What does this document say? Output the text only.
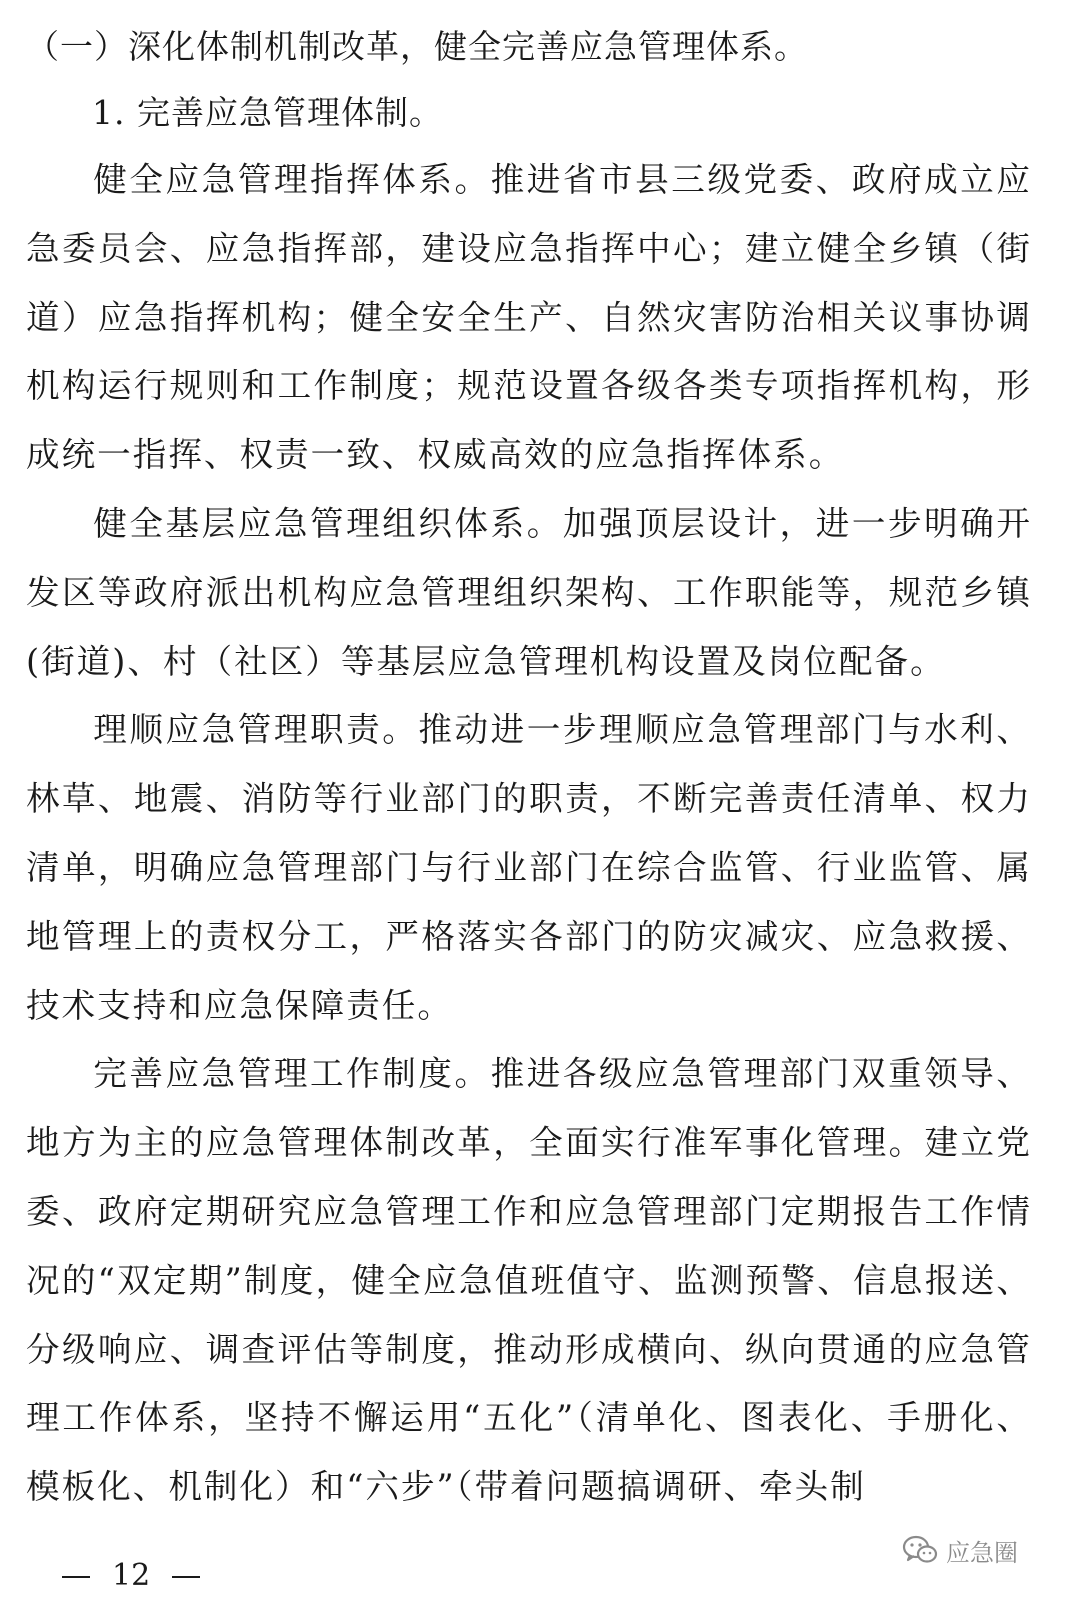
（一）深化体制机制改革，健全完善应急管理体系。
1. 完善应急管理体制。

健全应急管理指挥体系。推进省市县三级党委、政府成立应急委员会、应急指挥部，建设应急指挥中心；建立健全乡镇（街道）应急指挥机构；健全安全生产、自然灾害防治相关议事协调机构运行规则和工作制度；规范设置各级各类专项指挥机构，形成统一指挥、权责一致、权威高效的应急指挥体系。

健全基层应急管理组织体系。加强顶层设计，进一步明确开发区等政府派出机构应急管理组织架构、工作职能等，规范乡镇(街道)、村（社区）等基层应急管理机构设置及岗位配备。

理顺应急管理职责。推动进一步理顺应急管理部门与水利、林草、地震、消防等行业部门的职责，不断完善责任清单、权力清单，明确应急管理部门与行业部门在综合监管、行业监管、属地管理上的责权分工，严格落实各部门的防灾减灾、应急救援、技术支持和应急保障责任。

完善应急管理工作制度。推进各级应急管理部门双重领导、地方为主的应急管理体制改革，全面实行准军事化管理。建立党委、政府定期研究应急管理工作和应急管理部门定期报告工作情况的“双定期”制度，健全应急值班值守、监测预警、信息报送、分级响应、调查评估等制度，推动形成横向、纵向贯通的应急管理工作体系，坚持不懈运用“五化”（清单化、图表化、手册化、模板化、机制化）和“六步”（带着问题搞调研、牵头制

12
应急圈
